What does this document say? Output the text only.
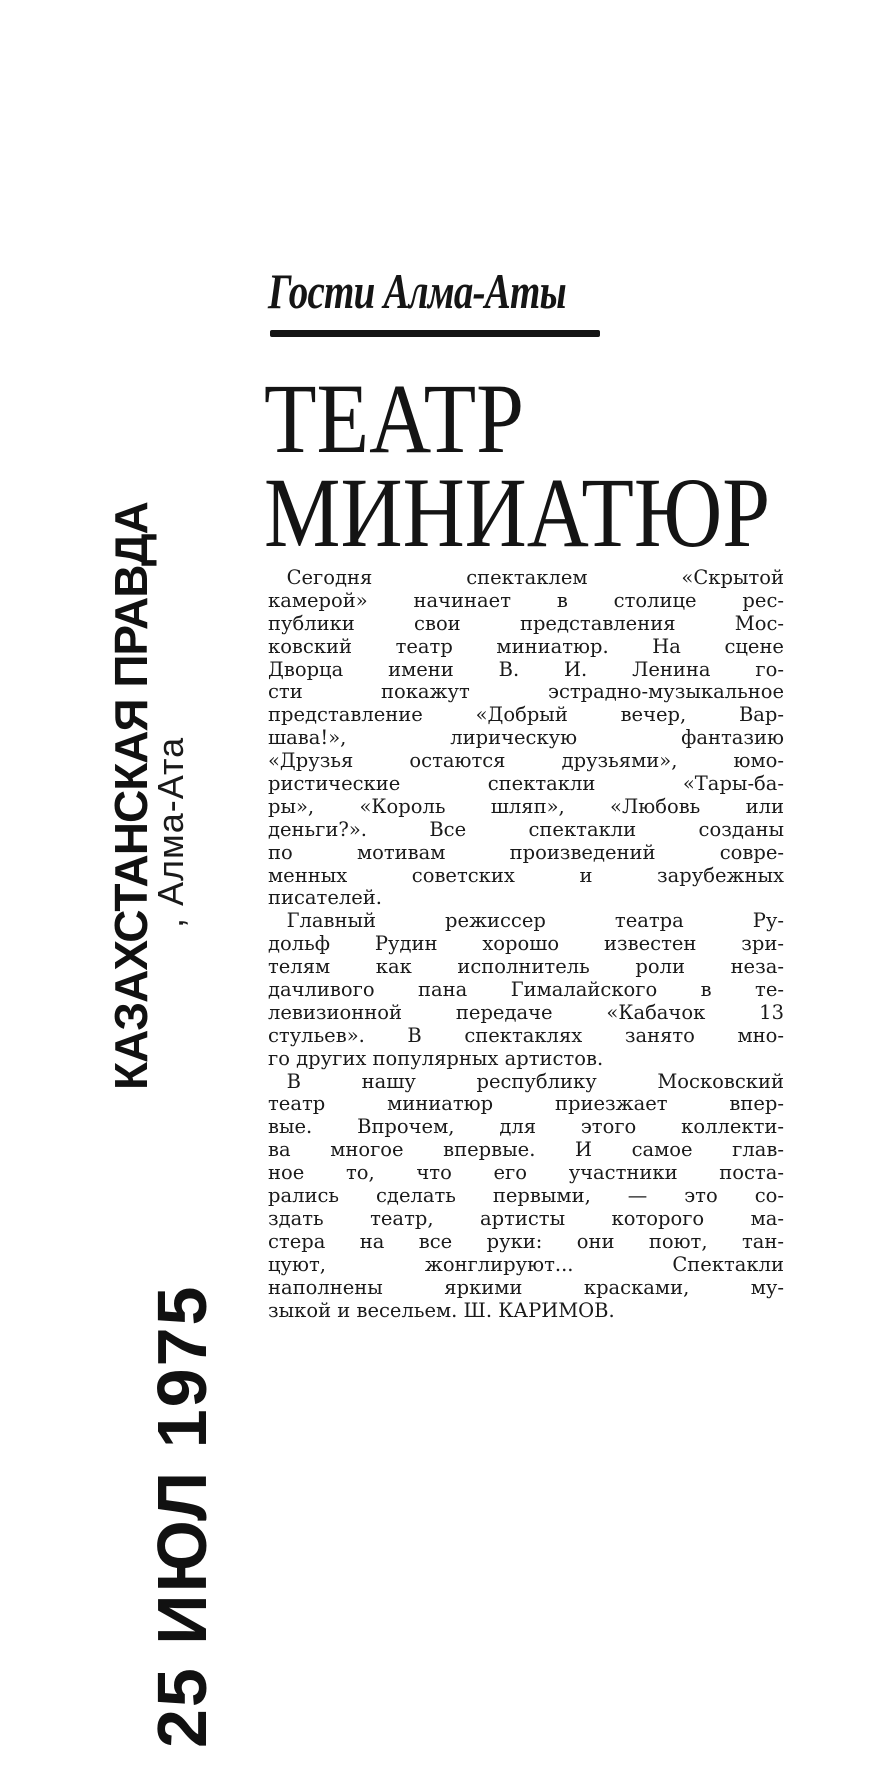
Гости Алма-Аты
ТЕАТР
МИНИАТЮР
Сегодня	спектаклем	«Скрытой
камерой» начинает в столице рес-
публики	свои	представления	Мос-
ковский театр миниатюр. На сцене
Дворца имени В. И. Ленина го-
сти	покажут	эстрадно-музыкальное
представление	«Добрый	вечер,	Вар-
шава!»,	лирическую	фантазию
«Друзья	остаются	друзьями»,	юмо-
ристические	спектакли	«Тары-ба-
ры», «Король шляп», «Любовь или
деньги?».	Все	спектакли	созданы
по	мотивам	произведений	совре-
менных	советских	и	зарубежных
писателей.
Главный	режиссер	театра	Ру-
дольф Рудин хорошо известен зри-
телям как исполнитель роли неза-
дачливого пана Гималайского в те-
левизионной	передаче	«Кабачок	13
стульев». В спектаклях занято мно-
го других популярных артистов.
В	нашу	республику	Московский
театр	миниатюр	приезжает	впер-
вые. Впрочем, для этого коллекти-
ва многое впервые. И самое глав-
ное то, что его участники поста-
рались сделать первыми, — это со-
здать театр, артисты которого ма-
стера на все руки: они поют, тан-
цуют,	жонглируют...	Спектакли
наполнены	яркими	красками,	му-
зыкой и весельем. Ш. КАРИМОВ.
КАЗАХСТАНСКАЯ ПРАВДА
, Алма-Ата
25 ИЮЛ 1975
